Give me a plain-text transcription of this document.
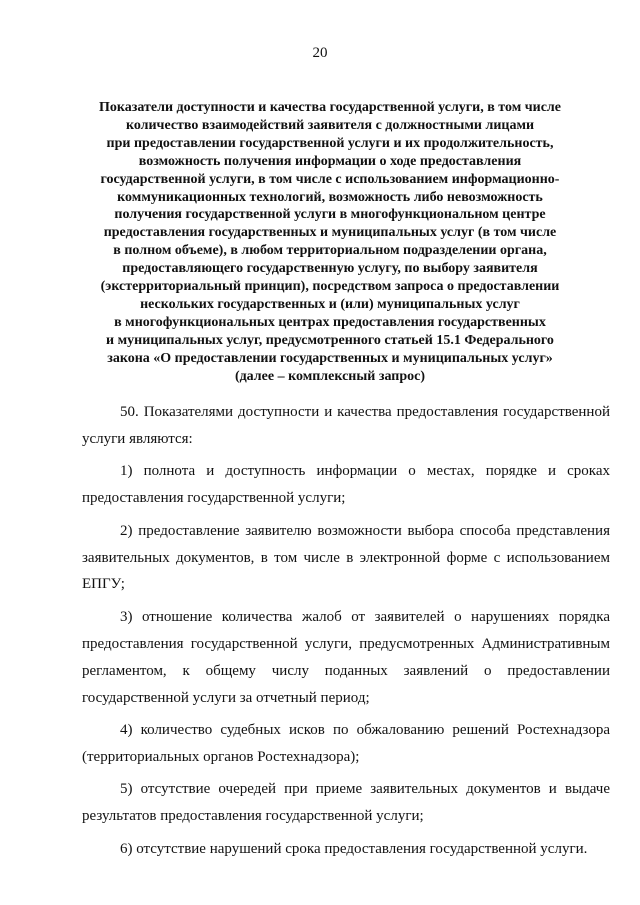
20
Показатели доступности и качества государственной услуги, в том числе
количество взаимодействий заявителя с должностными лицами
при предоставлении государственной услуги и их продолжительность,
возможность получения информации о ходе предоставления
государственной услуги, в том числе с использованием информационно-
коммуникационных технологий, возможность либо невозможность
получения государственной услуги в многофункциональном центре
предоставления государственных и муниципальных услуг (в том числе
в полном объеме), в любом территориальном подразделении органа,
предоставляющего государственную услугу, по выбору заявителя
(экстерриториальный принцип), посредством запроса о предоставлении
нескольких государственных и (или) муниципальных услуг
в многофункциональных центрах предоставления государственных
и муниципальных услуг, предусмотренного статьей 15.1 Федерального
закона «О предоставлении государственных и муниципальных услуг»
(далее – комплексный запрос)

50. Показателями доступности и качества предоставления государственной услуги являются:

1) полнота и доступность информации о местах, порядке и сроках предоставления государственной услуги;

2) предоставление заявителю возможности выбора способа представления заявительных документов, в том числе в электронной форме с использованием ЕПГУ;

3) отношение количества жалоб от заявителей о нарушениях порядка предоставления государственной услуги, предусмотренных Административным регламентом, к общему числу поданных заявлений о предоставлении государственной услуги за отчетный период;

4) количество судебных исков по обжалованию решений Ростехнадзора (территориальных органов Ростехнадзора);

5) отсутствие очередей при приеме заявительных документов и выдаче результатов предоставления государственной услуги;

6) отсутствие нарушений срока предоставления государственной услуги.
